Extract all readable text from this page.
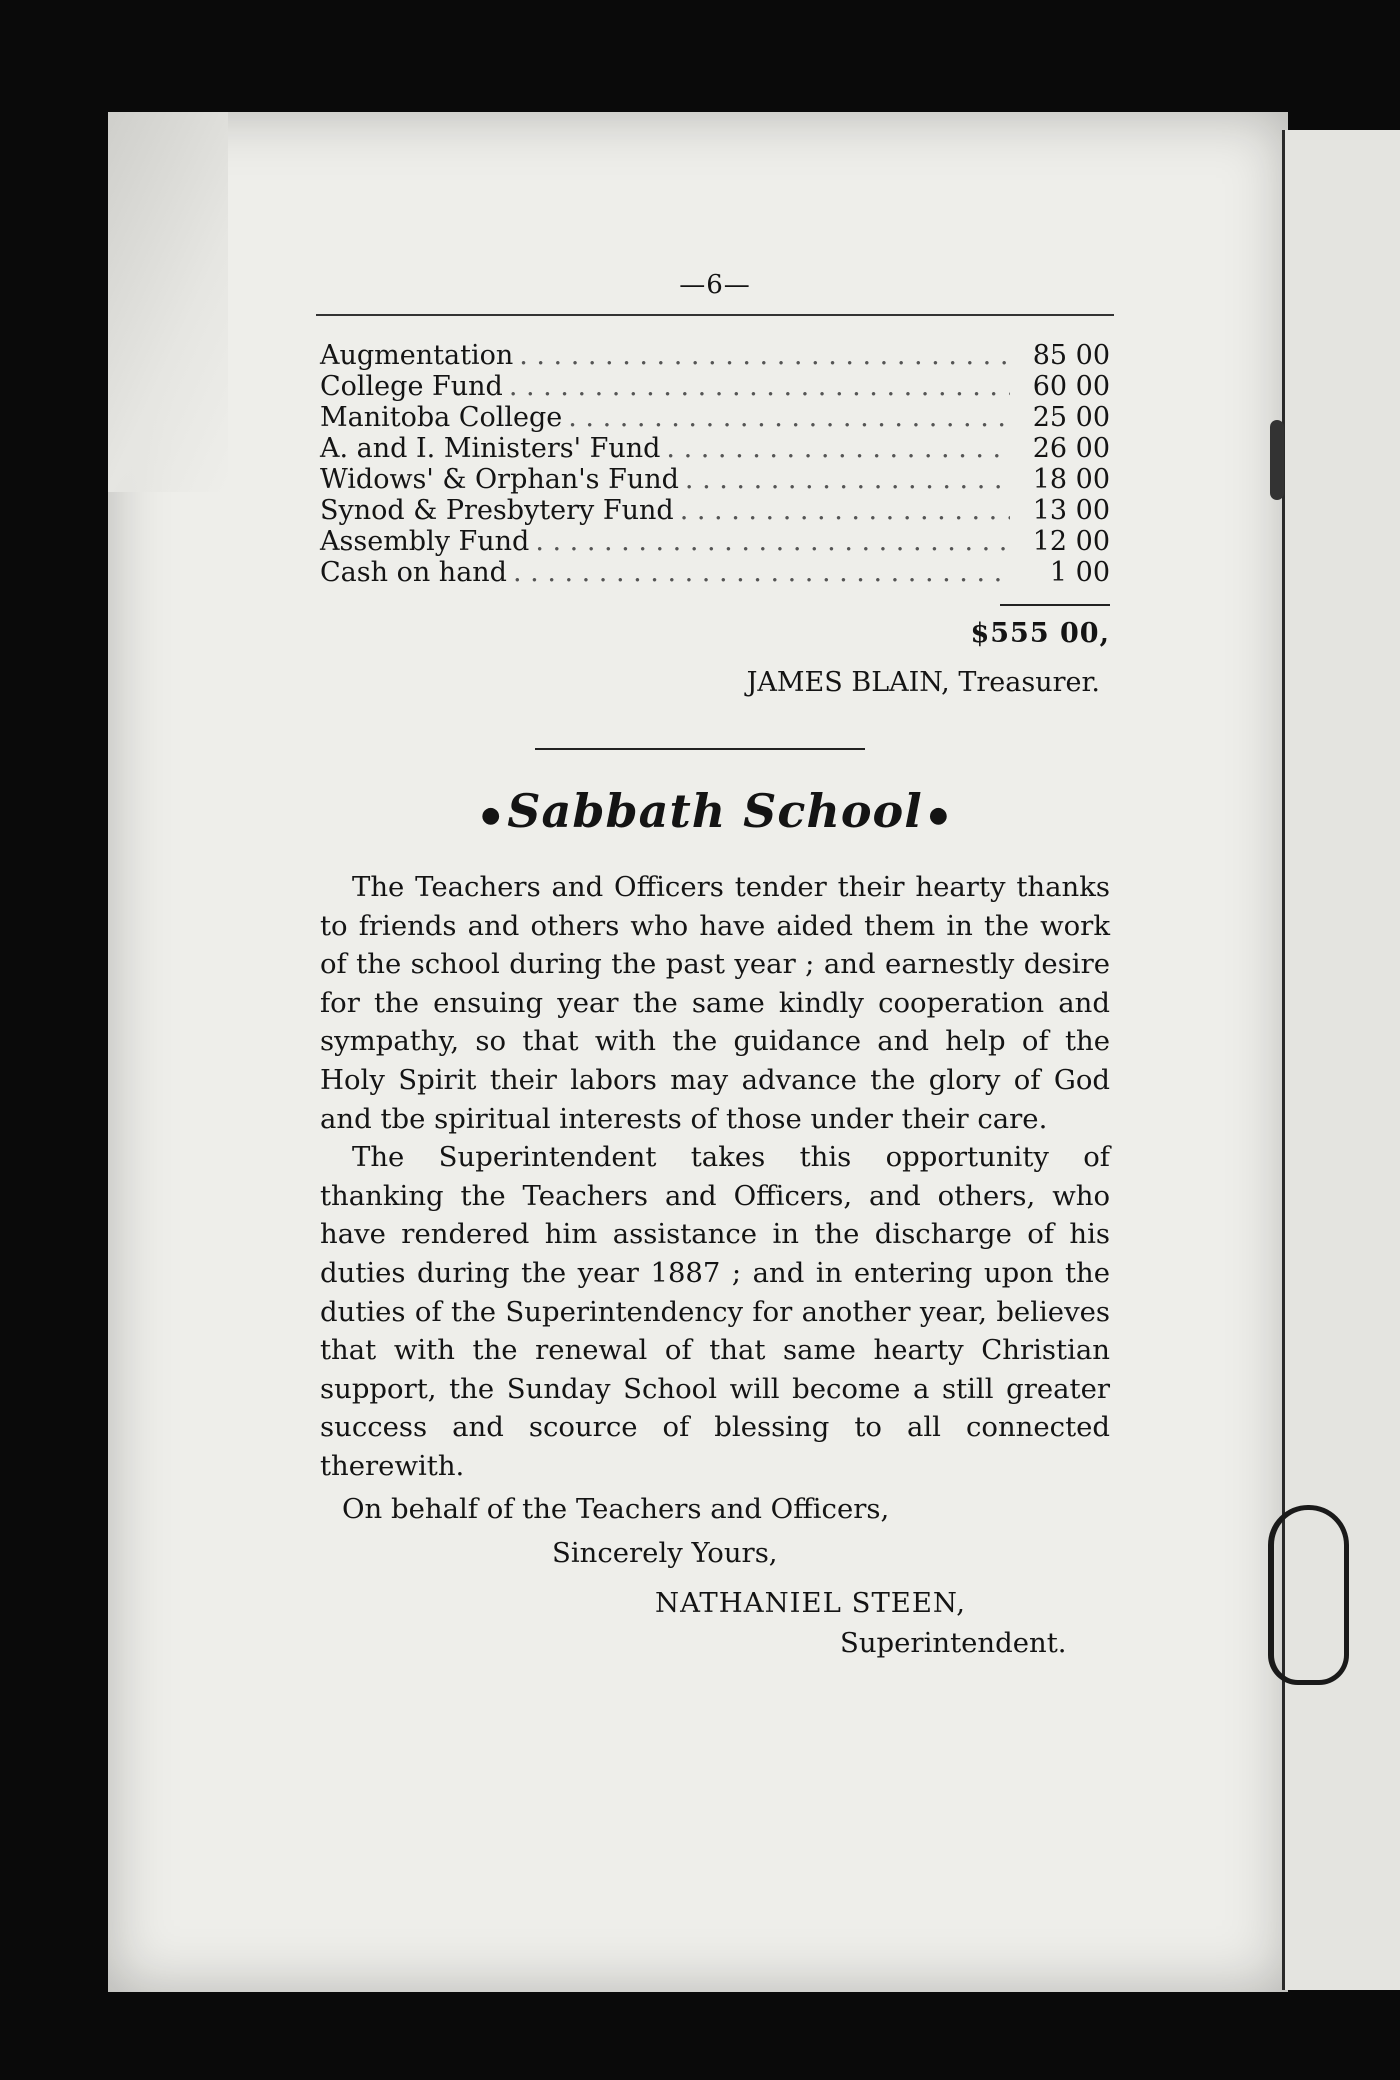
—6—
Augmentation . . .	85 00
College Fund . . .	60 00
Manitoba College . . .	25 00
A. and I. Ministers' Fund . . .	26 00
Widows' & Orphan's Fund . . .	18 00
Synod & Presbytery Fund . . .	13 00
Assembly Fund . . .	12 00
Cash on hand . . .	1 00
$555 00,
JAMES BLAIN, Treasurer.
● Sabbath School ●

The Teachers and Officers tender their hearty thanks to friends and others who have aided them in the work of the school during the past year ; and earnestly desire for the ensuing year the same kindly cooperation and sympathy, so that with the guidance and help of the Holy Spirit their labors may advance the glory of God and tbe spiritual interests of those under their care.

The Superintendent takes this opportunity of thanking the Teachers and Officers, and others, who have rendered him assistance in the discharge of his duties during the year 1887 ; and in entering upon the duties of the Superintendency for another year, believes that with the renewal of that same hearty Christian support, the Sunday School will become a still greater success and scource of blessing to all connected therewith.

On behalf of the Teachers and Officers,
Sincerely Yours,
NATHANIEL STEEN,
Superintendent.
